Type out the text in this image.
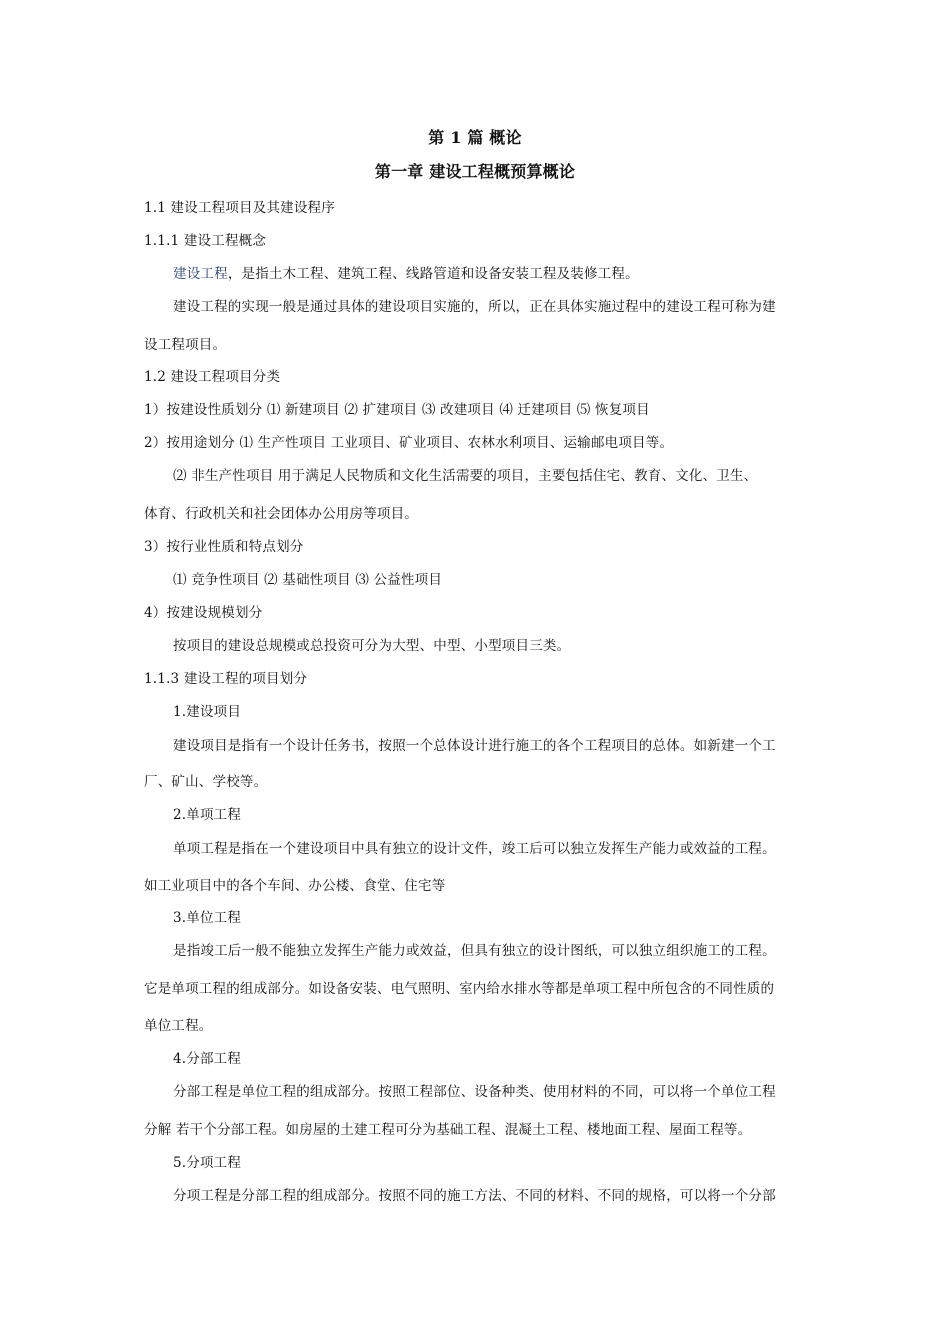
第 1 篇 概论
第一章 建设工程概预算概论
1.1 建设工程项目及其建设程序
1.1.1 建设工程概念
建设工程，是指土木工程、建筑工程、线路管道和设备安装工程及装修工程。
建设工程的实现一般是通过具体的建设项目实施的，所以，正在具体实施过程中的建设工程可称为建
设工程项目。
1.2 建设工程项目分类
1）按建设性质划分 ⑴ 新建项目 ⑵ 扩建项目 ⑶ 改建项目 ⑷ 迁建项目 ⑸ 恢复项目
2）按用途划分 ⑴ 生产性项目 工业项目、矿业项目、农林水利项目、运输邮电项目等。
⑵ 非生产性项目 用于满足人民物质和文化生活需要的项目，主要包括住宅、教育、文化、卫生、
体育、行政机关和社会团体办公用房等项目。
3）按行业性质和特点划分
⑴ 竞争性项目 ⑵ 基础性项目 ⑶ 公益性项目
4）按建设规模划分
按项目的建设总规模或总投资可分为大型、中型、小型项目三类。
1.1.3 建设工程的项目划分
1.建设项目
建设项目是指有一个设计任务书，按照一个总体设计进行施工的各个工程项目的总体。如新建一个工
厂、矿山、学校等。
2.单项工程
单项工程是指在一个建设项目中具有独立的设计文件，竣工后可以独立发挥生产能力或效益的工程。
如工业项目中的各个车间、办公楼、食堂、住宅等
3.单位工程
是指竣工后一般不能独立发挥生产能力或效益，但具有独立的设计图纸，可以独立组织施工的工程。
它是单项工程的组成部分。如设备安装、电气照明、室内给水排水等都是单项工程中所包含的不同性质的
单位工程。
4.分部工程
分部工程是单位工程的组成部分。按照工程部位、设备种类、使用材料的不同，可以将一个单位工程
分解 若干个分部工程。如房屋的土建工程可分为基础工程、混凝土工程、楼地面工程、屋面工程等。
5.分项工程
分项工程是分部工程的组成部分。按照不同的施工方法、不同的材料、不同的规格，可以将一个分部
